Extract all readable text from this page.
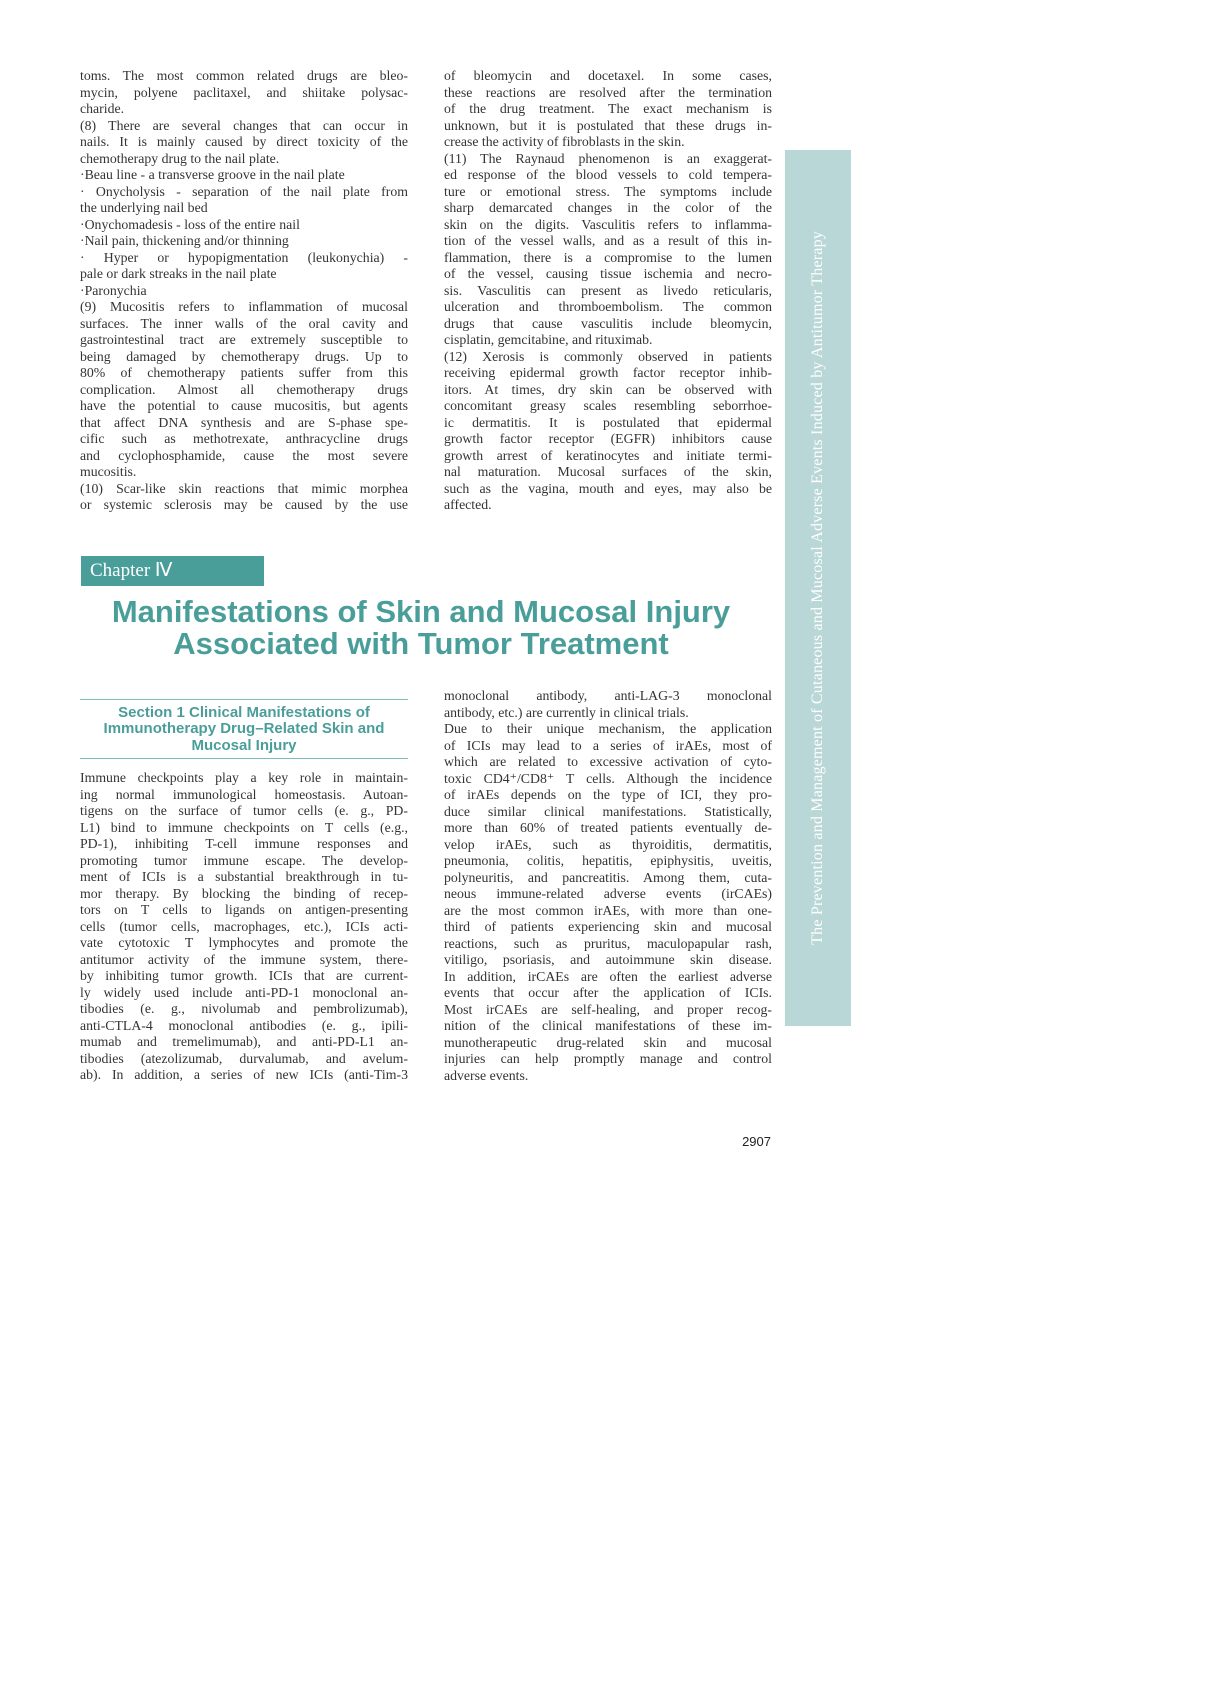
toms. The most common related drugs are bleo-
mycin, polyene paclitaxel, and shiitake polysac-
charide.
(8) There are several changes that can occur in
nails. It is mainly caused by direct toxicity of the
chemotherapy drug to the nail plate.
·Beau line - a transverse groove in the nail plate
· Onycholysis - separation of the nail plate from
the underlying nail bed
·Onychomadesis - loss of the entire nail
·Nail pain, thickening and/or thinning
· Hyper or hypopigmentation (leukonychia) -
pale or dark streaks in the nail plate
·Paronychia
(9) Mucositis refers to inflammation of mucosal
surfaces. The inner walls of the oral cavity and
gastrointestinal tract are extremely susceptible to
being damaged by chemotherapy drugs. Up to
80% of chemotherapy patients suffer from this
complication. Almost all chemotherapy drugs
have the potential to cause mucositis, but agents
that affect DNA synthesis and are S-phase spe-
cific such as methotrexate, anthracycline drugs
and cyclophosphamide, cause the most severe
mucositis.
(10) Scar-like skin reactions that mimic morphea
or systemic sclerosis may be caused by the use
of bleomycin and docetaxel. In some cases,
these reactions are resolved after the termination
of the drug treatment. The exact mechanism is
unknown, but it is postulated that these drugs in-
crease the activity of fibroblasts in the skin.
(11) The Raynaud phenomenon is an exaggerat-
ed response of the blood vessels to cold tempera-
ture or emotional stress. The symptoms include
sharp demarcated changes in the color of the
skin on the digits. Vasculitis refers to inflamma-
tion of the vessel walls, and as a result of this in-
flammation, there is a compromise to the lumen
of the vessel, causing tissue ischemia and necro-
sis. Vasculitis can present as livedo reticularis,
ulceration and thromboembolism. The common
drugs that cause vasculitis include bleomycin,
cisplatin, gemcitabine, and rituximab.
(12) Xerosis is commonly observed in patients
receiving epidermal growth factor receptor inhib-
itors. At times, dry skin can be observed with
concomitant greasy scales resembling seborrhoe-
ic dermatitis. It is postulated that epidermal
growth factor receptor (EGFR) inhibitors cause
growth arrest of keratinocytes and initiate termi-
nal maturation. Mucosal surfaces of the skin,
such as the vagina, mouth and eyes, may also be
affected.	The Prevention and Management of Cutaneous and Mucosal Adverse Events Induced by Antitumor Therapy
Chapter Ⅳ
Manifestations of Skin and Mucosal Injury
Associated with Tumor Treatment
Section 1 Clinical Manifestations of
Immunotherapy Drug–Related Skin and
Mucosal Injury
Immune checkpoints play a key role in maintain-
ing normal immunological homeostasis. Autoan-
tigens on the surface of tumor cells (e. g., PD-
L1) bind to immune checkpoints on T cells (e.g.,
PD-1), inhibiting T-cell immune responses and
promoting tumor immune escape. The develop-
ment of ICIs is a substantial breakthrough in tu-
mor therapy. By blocking the binding of recep-
tors on T cells to ligands on antigen-presenting
cells (tumor cells, macrophages, etc.), ICIs acti-
vate cytotoxic T lymphocytes and promote the
antitumor activity of the immune system, there-
by inhibiting tumor growth. ICIs that are current-
ly widely used include anti-PD-1 monoclonal an-
tibodies (e. g., nivolumab and pembrolizumab),
anti-CTLA-4 monoclonal antibodies (e. g., ipili-
mumab and tremelimumab), and anti-PD-L1 an-
tibodies (atezolizumab, durvalumab, and avelum-
ab). In addition, a series of new ICIs (anti-Tim-3
monoclonal antibody, anti-LAG-3 monoclonal
antibody, etc.) are currently in clinical trials.
Due to their unique mechanism, the application
of ICIs may lead to a series of irAEs, most of
which are related to excessive activation of cyto-
toxic CD4⁺/CD8⁺ T cells. Although the incidence
of irAEs depends on the type of ICI, they pro-
duce similar clinical manifestations. Statistically,
more than 60% of treated patients eventually de-
velop irAEs, such as thyroiditis, dermatitis,
pneumonia, colitis, hepatitis, epiphysitis, uveitis,
polyneuritis, and pancreatitis. Among them, cuta-
neous immune-related adverse events (irCAEs)
are the most common irAEs, with more than one-
third of patients experiencing skin and mucosal
reactions, such as pruritus, maculopapular rash,
vitiligo, psoriasis, and autoimmune skin disease.
In addition, irCAEs are often the earliest adverse
events that occur after the application of ICIs.
Most irCAEs are self-healing, and proper recog-
nition of the clinical manifestations of these im-
munotherapeutic drug-related skin and mucosal
injuries can help promptly manage and control
adverse events.
2907
